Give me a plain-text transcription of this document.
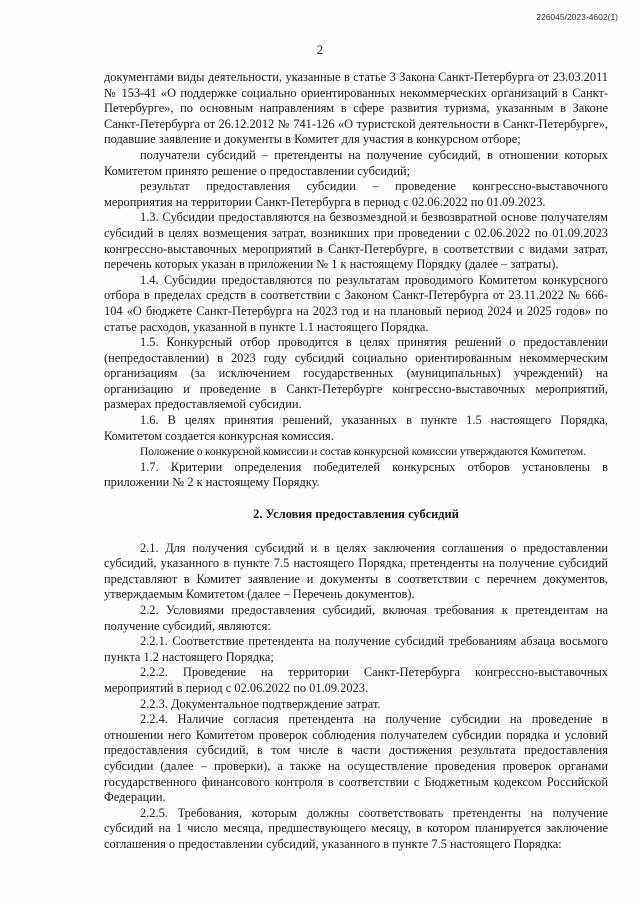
226045/2023-4602(1)
2

документами виды деятельности, указанные в статье 3 Закона Санкт-Петербурга от 23.03.2011 № 153-41 «О поддержке социально ориентированных некоммерческих организаций в Санкт-Петербурге», по основным направлениям в сфере развития туризма, указанным в Законе Санкт-Петербурга от 26.12.2012 № 741-126 «О туристской деятельности в Санкт-Петербурге», подавшие заявление и документы в Комитет для участия в конкурсном отборе;

получатели субсидий – претенденты на получение субсидий, в отношении которых Комитетом принято решение о предоставлении субсидий;

результат предоставления субсидии – проведение конгрессно-выставочного мероприятия на территории Санкт-Петербурга в период с 02.06.2022 по 01.09.2023.

1.3. Субсидии предоставляются на безвозмездной и безвозвратной основе получателям субсидий в целях возмещения затрат, возникших при проведении с 02.06.2022 по 01.09.2023 конгрессно-выставочных мероприятий в Санкт-Петербурге, в соответствии с видами затрат, перечень которых указан в приложении № 1 к настоящему Порядку (далее – затраты).

1.4. Субсидии предоставляются по результатам проводимого Комитетом конкурсного отбора в пределах средств в соответствии с Законом Санкт-Петербурга от 23.11.2022 № 666-104 «О бюджете Санкт-Петербурга на 2023 год и на плановый период 2024 и 2025 годов» по статье расходов, указанной в пункте 1.1 настоящего Порядка.

1.5. Конкурсный отбор проводится в целях принятия решений о предоставлении (непредоставлении) в 2023 году субсидий социально ориентированным некоммерческим организациям (за исключением государственных (муниципальных) учреждений) на организацию и проведение в Санкт-Петербурге конгрессно-выставочных мероприятий, размерах предоставляемой субсидии.

1.6. В целях принятия решений, указанных в пункте 1.5 настоящего Порядка, Комитетом создается конкурсная комиссия.

Положение о конкурсной комиссии и состав конкурсной комиссии утверждаются Комитетом.

1.7. Критерии определения победителей конкурсных отборов установлены в приложении № 2 к настоящему Порядку.

2. Условия предоставления субсидий

2.1. Для получения субсидий и в целях заключения соглашения о предоставлении субсидий, указанного в пункте 7.5 настоящего Порядка, претенденты на получение субсидий представляют в Комитет заявление и документы в соответствии с перечнем документов, утверждаемым Комитетом (далее – Перечень документов).

2.2. Условиями предоставления субсидий, включая требования к претендентам на получение субсидий, являются:

2.2.1. Соответствие претендента на получение субсидий требованиям абзаца восьмого пункта 1.2 настоящего Порядка;

2.2.2. Проведение на территории Санкт-Петербурга конгрессно-выставочных мероприятий в период с 02.06.2022 по 01.09.2023.

2.2.3. Документальное подтверждение затрат.

2.2.4. Наличие согласия претендента на получение субсидии на проведение в отношении него Комитетом проверок соблюдения получателем субсидии порядка и условий предоставления субсидий, в том числе в части достижения результата предоставления субсидии (далее – проверки), а также на осуществление проведения проверок органами государственного финансового контроля в соответствии с Бюджетным кодексом Российской Федерации.

2.2.5. Требования, которым должны соответствовать претенденты на получение субсидий на 1 число месяца, предшествующего месяцу, в котором планируется заключение соглашения о предоставлении субсидий, указанного в пункте 7.5 настоящего Порядка:
